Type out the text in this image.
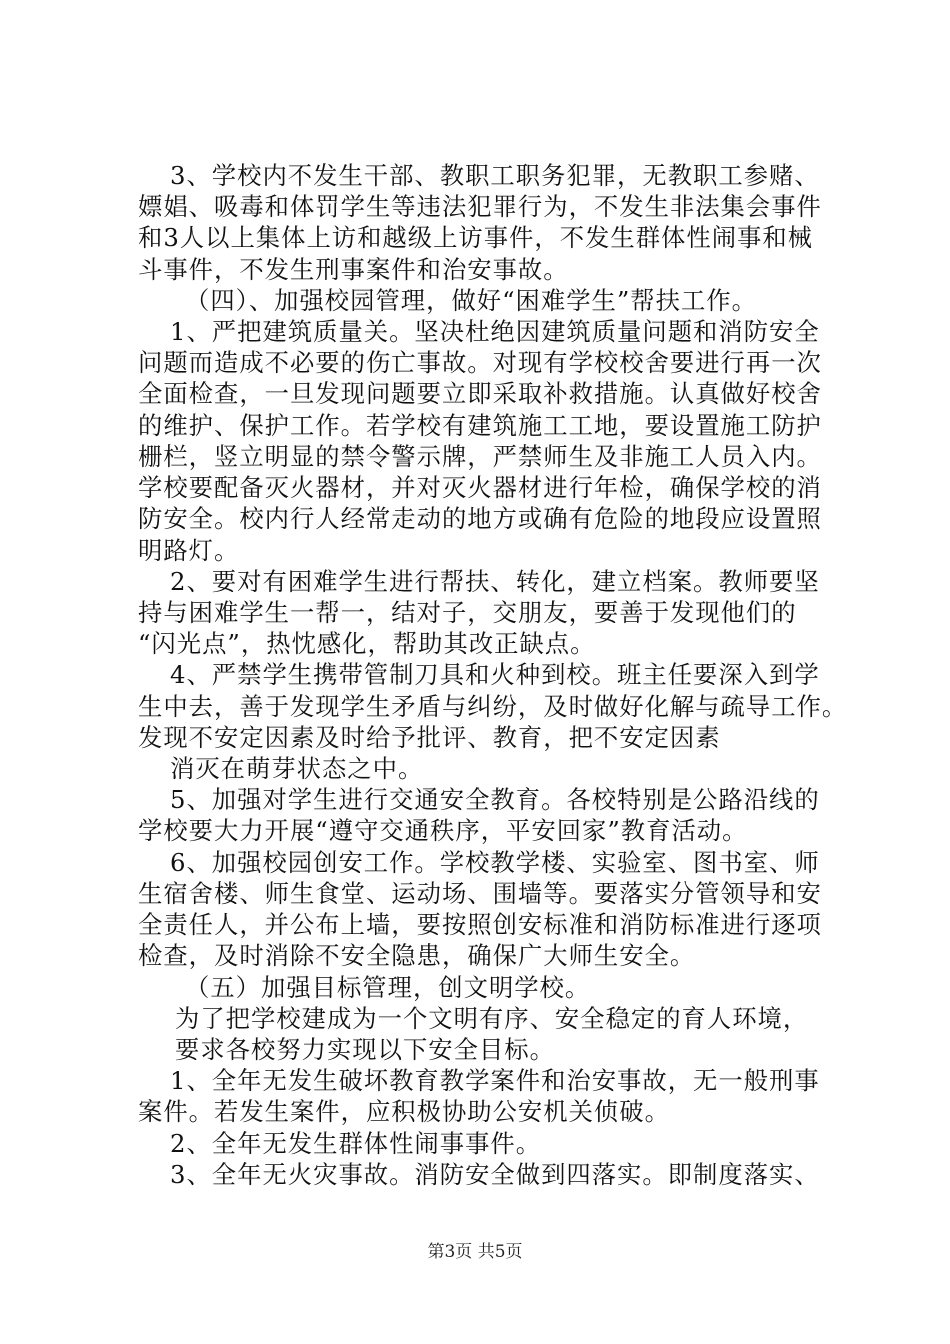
3、学校内不发生干部、教职工职务犯罪，无教职工参赌、
嫖娼、吸毒和体罚学生等违法犯罪行为，不发生非法集会事件
和3人以上集体上访和越级上访事件，不发生群体性闹事和械
斗事件，不发生刑事案件和治安事故。
（四）、加强校园管理，做好“困难学生”帮扶工作。
1、严把建筑质量关。坚决杜绝因建筑质量问题和消防安全
问题而造成不必要的伤亡事故。对现有学校校舍要进行再一次
全面检查，一旦发现问题要立即采取补救措施。认真做好校舍
的维护、保护工作。若学校有建筑施工工地，要设置施工防护
栅栏，竖立明显的禁令警示牌，严禁师生及非施工人员入内。
学校要配备灭火器材，并对灭火器材进行年检，确保学校的消
防安全。校内行人经常走动的地方或确有危险的地段应设置照
明路灯。
2、要对有困难学生进行帮扶、转化，建立档案。教师要坚
持与困难学生一帮一，结对子，交朋友，要善于发现他们的
“闪光点”，热忱感化，帮助其改正缺点。
4、严禁学生携带管制刀具和火种到校。班主任要深入到学
生中去，善于发现学生矛盾与纠纷，及时做好化解与疏导工作。
发现不安定因素及时给予批评、教育，把不安定因素
消灭在萌芽状态之中。
5、加强对学生进行交通安全教育。各校特别是公路沿线的
学校要大力开展“遵守交通秩序，平安回家”教育活动。
6、加强校园创安工作。学校教学楼、实验室、图书室、师
生宿舍楼、师生食堂、运动场、围墙等。要落实分管领导和安
全责任人，并公布上墙，要按照创安标准和消防标准进行逐项
检查，及时消除不安全隐患，确保广大师生安全。
（五）加强目标管理，创文明学校。
为了把学校建成为一个文明有序、安全稳定的育人环境，
要求各校努力实现以下安全目标。
1、全年无发生破坏教育教学案件和治安事故，无一般刑事
案件。若发生案件，应积极协助公安机关侦破。
2、全年无发生群体性闹事事件。
3、全年无火灾事故。消防安全做到四落实。即制度落实、
第3页 共5页
